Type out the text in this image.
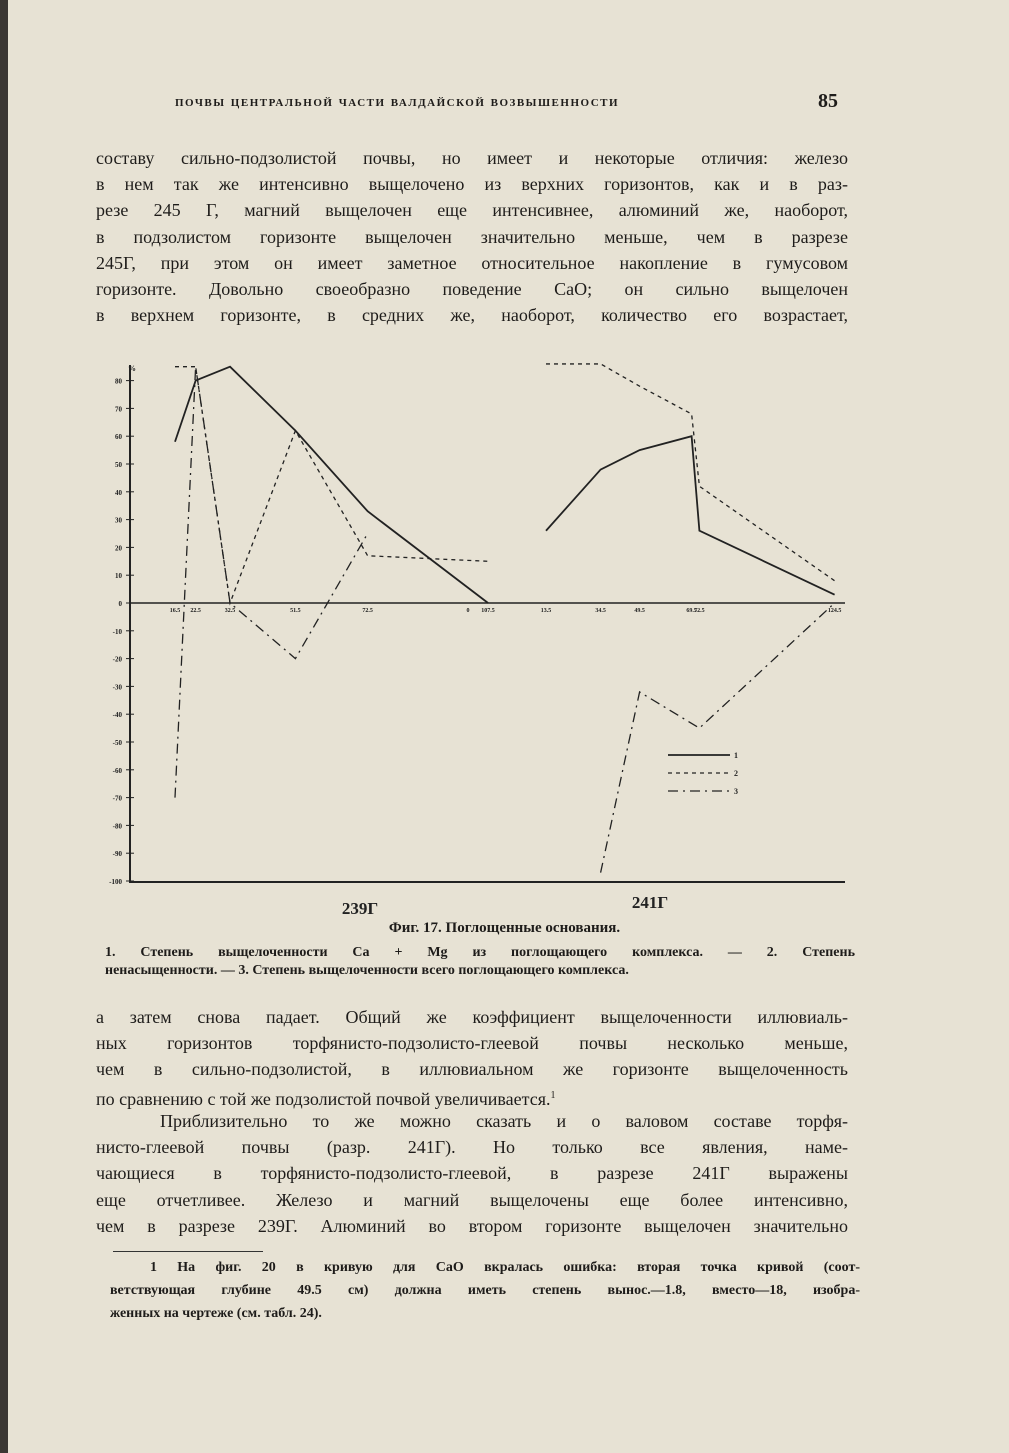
почвы центральной части валдайской возвышенности	85
составу сильно-подзолистой почвы, но имеет и некоторые отличия: железо
в нем так же интенсивно выщелочено из верхних горизонтов, как и в раз-
резе 245 Г, магний выщелочен еще интенсивнее, алюминий же, наоборот,
в подзолистом горизонте выщелочен значительно меньше, чем в разрезе
245Г, при этом он имеет заметное относительное накопление в гумусовом
горизонте. Довольно своеобразно поведение CaO; он сильно выщелочен
в верхнем горизонте, в средних же, наоборот, количество его возрастает,
%
80
70
60
50
40
30
20
10
0
-10
-20
-30
-40
-50
-60
-70
-80
-90
-100
16.5 22.5	32.5	51.5	72.5	107.5
0	13.5	34.5	49.5	69.5
72.5	124.5
239Г	241Г
1
2
3
Фиг. 17. Поглощенные основания.
1. Степень выщелоченности Ca + Mg из поглощающего комплекса. — 2. Степень
ненасыщенности. — 3. Степень выщелоченности всего поглощающего комплекса.
а затем снова падает. Общий же коэффициент выщелоченности иллювиаль-
ных горизонтов торфянисто-подзолисто-глеевой почвы несколько меньше,
чем в сильно-подзолистой, в иллювиальном же горизонте выщелоченность
по сравнению с той же подзолистой почвой увеличивается.$^1$
Приблизительно то же можно сказать и о валовом составе торфя-
нисто-глеевой почвы (разр. 241Г). Но только все явления, наме-
чающиеся в торфянисто-подзолисто-глеевой, в разрезе 241Г выражены
еще отчетливее. Железо и магний выщелочены еще более интенсивно,
чем в разрезе 239Г. Алюминий во втором горизонте выщелочен значительно
1 На фиг. 20 в кривую для CaO вкралась ошибка: вторая точка кривой (соот-
ветствующая глубине 49.5 см) должна иметь степень вынос.—1.8, вместо—18, изобра-
женных на чертеже (см. табл. 24).
